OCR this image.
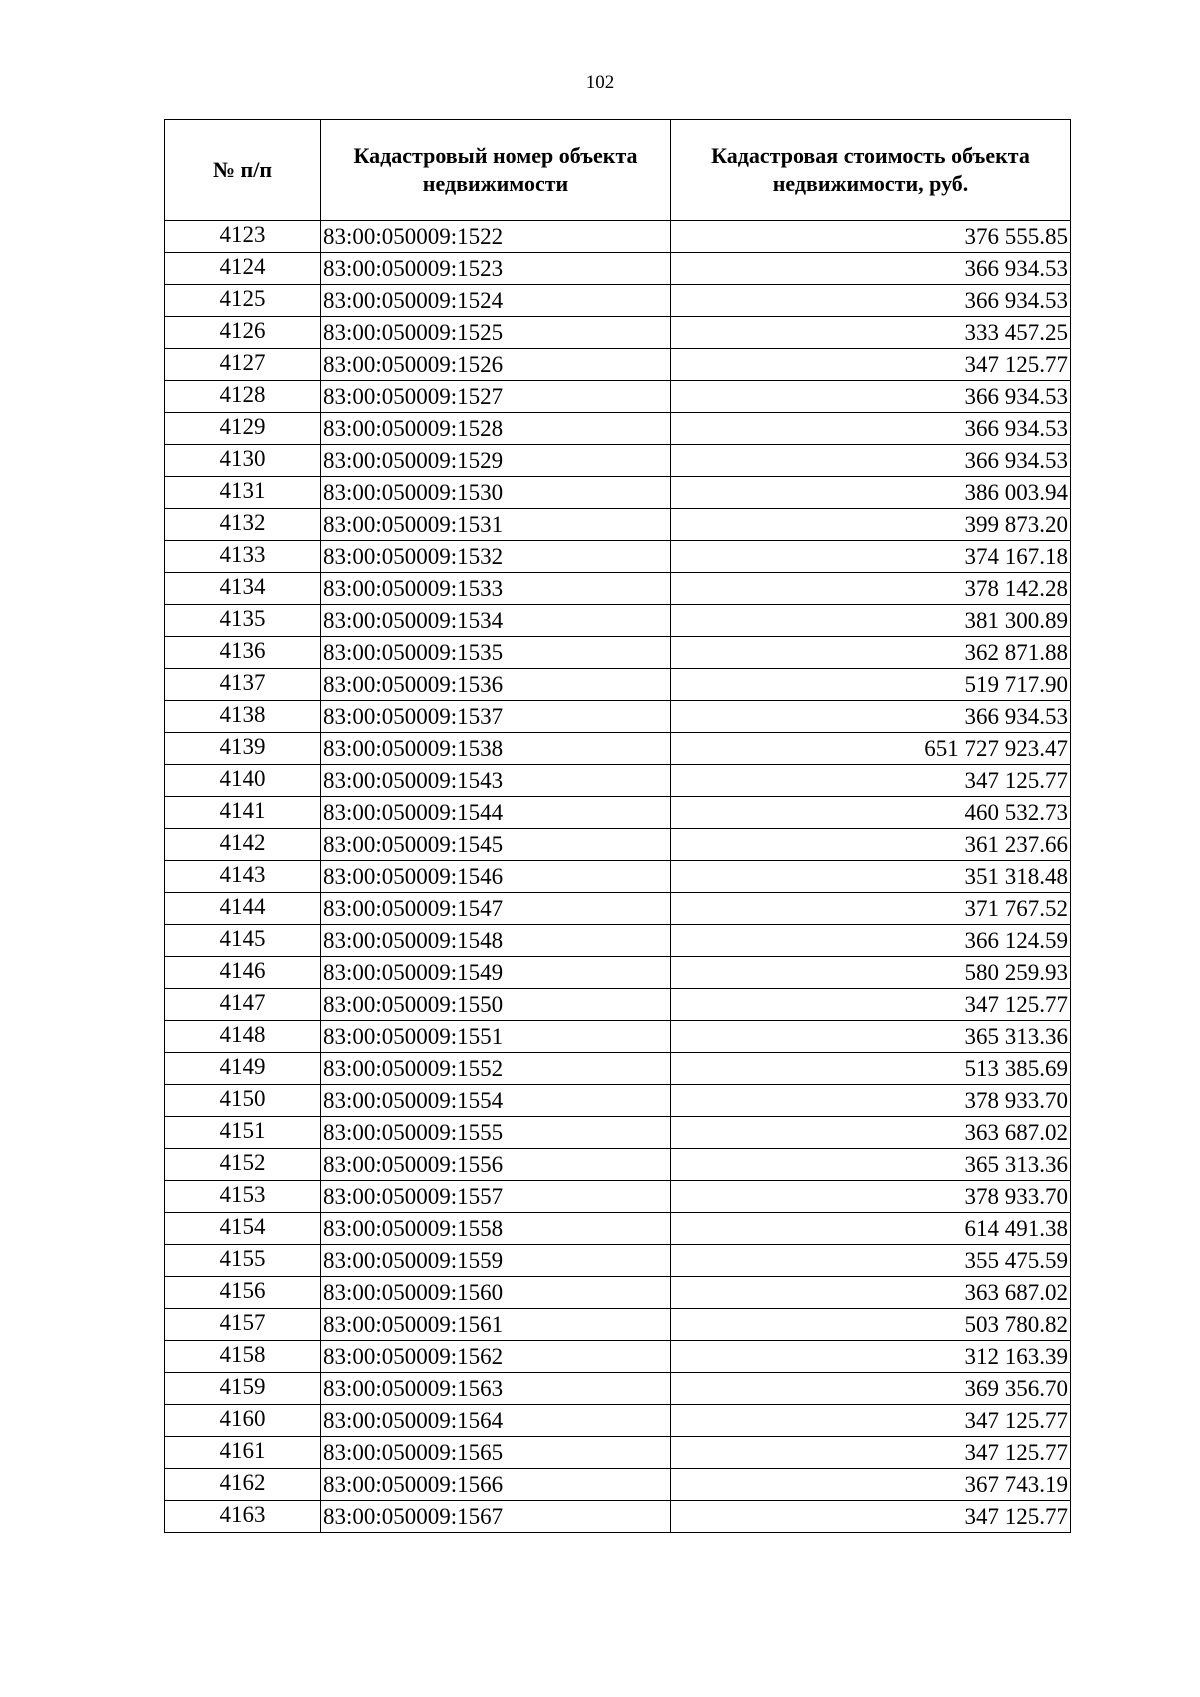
102
№ п/п	Кадастровый номер объекта недвижимости	Кадастровая стоимость объекта недвижимости, руб.
4123	83:00:050009:1522	376 555.85
4124	83:00:050009:1523	366 934.53
4125	83:00:050009:1524	366 934.53
4126	83:00:050009:1525	333 457.25
4127	83:00:050009:1526	347 125.77
4128	83:00:050009:1527	366 934.53
4129	83:00:050009:1528	366 934.53
4130	83:00:050009:1529	366 934.53
4131	83:00:050009:1530	386 003.94
4132	83:00:050009:1531	399 873.20
4133	83:00:050009:1532	374 167.18
4134	83:00:050009:1533	378 142.28
4135	83:00:050009:1534	381 300.89
4136	83:00:050009:1535	362 871.88
4137	83:00:050009:1536	519 717.90
4138	83:00:050009:1537	366 934.53
4139	83:00:050009:1538	651 727 923.47
4140	83:00:050009:1543	347 125.77
4141	83:00:050009:1544	460 532.73
4142	83:00:050009:1545	361 237.66
4143	83:00:050009:1546	351 318.48
4144	83:00:050009:1547	371 767.52
4145	83:00:050009:1548	366 124.59
4146	83:00:050009:1549	580 259.93
4147	83:00:050009:1550	347 125.77
4148	83:00:050009:1551	365 313.36
4149	83:00:050009:1552	513 385.69
4150	83:00:050009:1554	378 933.70
4151	83:00:050009:1555	363 687.02
4152	83:00:050009:1556	365 313.36
4153	83:00:050009:1557	378 933.70
4154	83:00:050009:1558	614 491.38
4155	83:00:050009:1559	355 475.59
4156	83:00:050009:1560	363 687.02
4157	83:00:050009:1561	503 780.82
4158	83:00:050009:1562	312 163.39
4159	83:00:050009:1563	369 356.70
4160	83:00:050009:1564	347 125.77
4161	83:00:050009:1565	347 125.77
4162	83:00:050009:1566	367 743.19
4163	83:00:050009:1567	347 125.77
